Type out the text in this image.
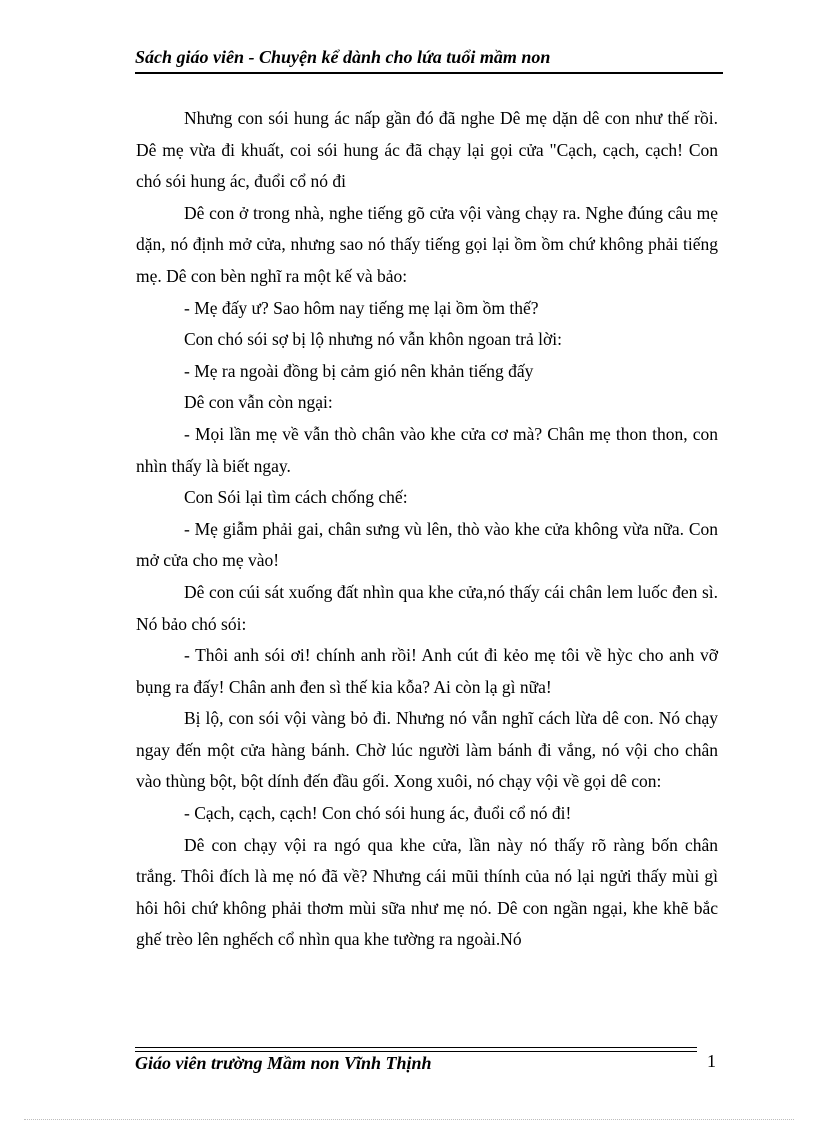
Sách giáo viên - Chuyện kể dành cho lứa tuổi mầm non

Nhưng con sói hung ác nấp gần đó đã nghe Dê mẹ dặn dê con như thế rồi. Dê mẹ vừa đi khuất, coi sói hung ác đã chạy lại gọi cửa "Cạch, cạch, cạch! Con chó sói hung ác, đuổi cổ nó đi

Dê con ở trong nhà, nghe tiếng gõ cửa vội vàng chạy ra. Nghe đúng câu mẹ dặn, nó định mở cửa, nhưng sao nó thấy tiếng gọi lại ồm ồm chứ không phải tiếng mẹ. Dê con bèn nghĩ ra một kế và bảo:

- Mẹ đấy ư? Sao hôm nay tiếng mẹ lại ồm ồm thế?

Con chó sói sợ bị lộ nhưng nó vẫn khôn ngoan trả lời:

- Mẹ ra ngoài đồng bị cảm gió nên khản tiếng đấy

Dê con vẫn còn ngại:

- Mọi lần mẹ về vẫn thò chân vào khe cửa cơ mà? Chân mẹ thon thon, con nhìn thấy là biết ngay.

Con Sói lại tìm cách chống chế:

- Mẹ giẫm phải gai, chân sưng vù lên, thò vào khe cửa không vừa nữa. Con mở cửa cho mẹ vào!

Dê con cúi sát xuống đất nhìn qua khe cửa,nó thấy cái chân lem luốc đen sì. Nó bảo chó sói:

- Thôi anh sói ơi! chính anh rồi! Anh cút đi kẻo mẹ tôi về hỳc cho anh vỡ bụng ra đấy! Chân anh đen sì thế kia kỗa? Ai còn lạ gì nữa!

Bị lộ, con sói vội vàng bỏ đi. Nhưng nó vẫn nghĩ cách lừa dê con. Nó chạy ngay đến một cửa hàng bánh. Chờ lúc người làm bánh đi vắng, nó vội cho chân vào thùng bột, bột dính đến đầu gối. Xong xuôi, nó chạy vội về gọi dê con:

- Cạch, cạch, cạch! Con chó sói hung ác, đuổi cổ nó đi!

Dê con chạy vội ra ngó qua khe cửa, lần này nó thấy rõ ràng bốn chân trắng. Thôi đích là mẹ nó đã về? Nhưng cái mũi thính của nó lại ngửi thấy mùi gì hôi hôi chứ không phải thơm mùi sữa như mẹ nó. Dê con ngần ngại, khe khẽ bắc ghế trèo lên nghếch cổ nhìn qua khe tường ra ngoài.Nó

Giáo viên trường Mầm non Vĩnh Thịnh	1
